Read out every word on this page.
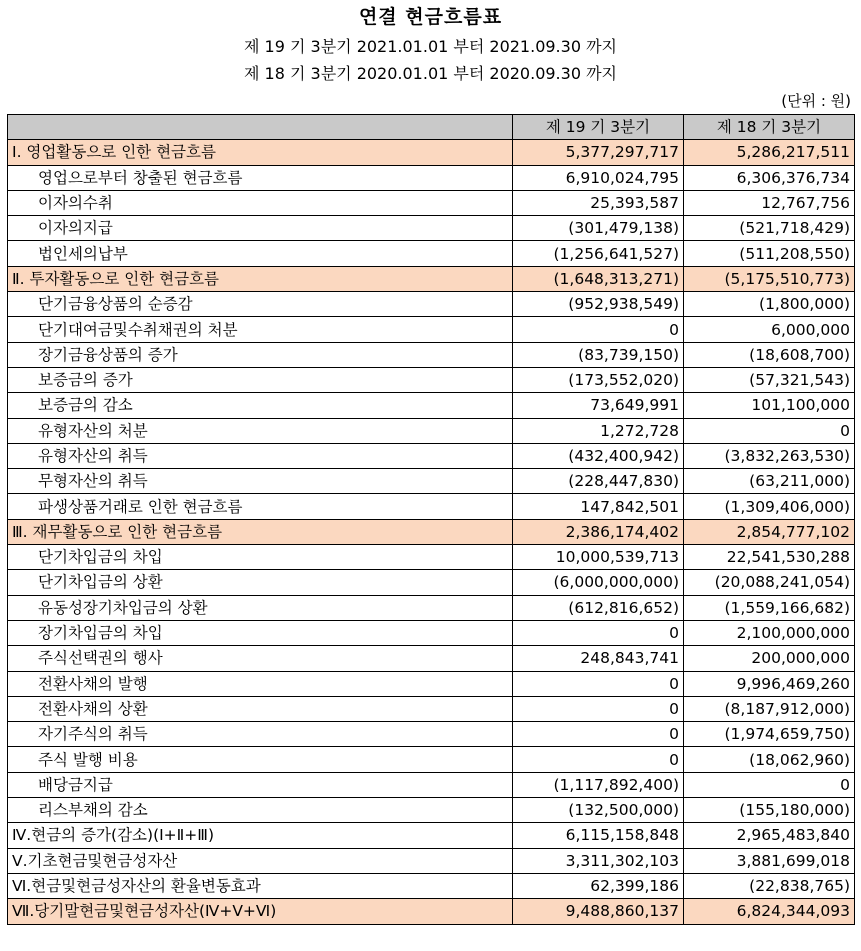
연결 현금흐름표
제 19 기 3분기 2021.01.01 부터 2021.09.30 까지
제 18 기 3분기 2020.01.01 부터 2020.09.30 까지
(단위 : 원)
	제 19 기 3분기	제 18 기 3분기
Ⅰ. 영업활동으로 인한 현금흐름	5,377,297,717	5,286,217,511
영업으로부터 창출된 현금흐름	6,910,024,795	6,306,376,734
이자의수취	25,393,587	12,767,756
이자의지급	(301,479,138)	(521,718,429)
법인세의납부	(1,256,641,527)	(511,208,550)
Ⅱ. 투자활동으로 인한 현금흐름	(1,648,313,271)	(5,175,510,773)
단기금융상품의 순증감	(952,938,549)	(1,800,000)
단기대여금및수취채권의 처분	0	6,000,000
장기금융상품의 증가	(83,739,150)	(18,608,700)
보증금의 증가	(173,552,020)	(57,321,543)
보증금의 감소	73,649,991	101,100,000
유형자산의 처분	1,272,728	0
유형자산의 취득	(432,400,942)	(3,832,263,530)
무형자산의 취득	(228,447,830)	(63,211,000)
파생상품거래로 인한 현금흐름	147,842,501	(1,309,406,000)
Ⅲ. 재무활동으로 인한 현금흐름	2,386,174,402	2,854,777,102
단기차입금의 차입	10,000,539,713	22,541,530,288
단기차입금의 상환	(6,000,000,000)	(20,088,241,054)
유동성장기차입금의 상환	(612,816,652)	(1,559,166,682)
장기차입금의 차입	0	2,100,000,000
주식선택권의 행사	248,843,741	200,000,000
전환사채의 발행	0	9,996,469,260
전환사채의 상환	0	(8,187,912,000)
자기주식의 취득	0	(1,974,659,750)
주식 발행 비용	0	(18,062,960)
배당금지급	(1,117,892,400)	0
리스부채의 감소	(132,500,000)	(155,180,000)
Ⅳ.현금의 증가(감소)(Ⅰ+Ⅱ+Ⅲ)	6,115,158,848	2,965,483,840
Ⅴ.기초현금및현금성자산	3,311,302,103	3,881,699,018
Ⅵ.현금및현금성자산의 환율변동효과	62,399,186	(22,838,765)
Ⅶ.당기말현금및현금성자산(Ⅳ+Ⅴ+Ⅵ)	9,488,860,137	6,824,344,093
